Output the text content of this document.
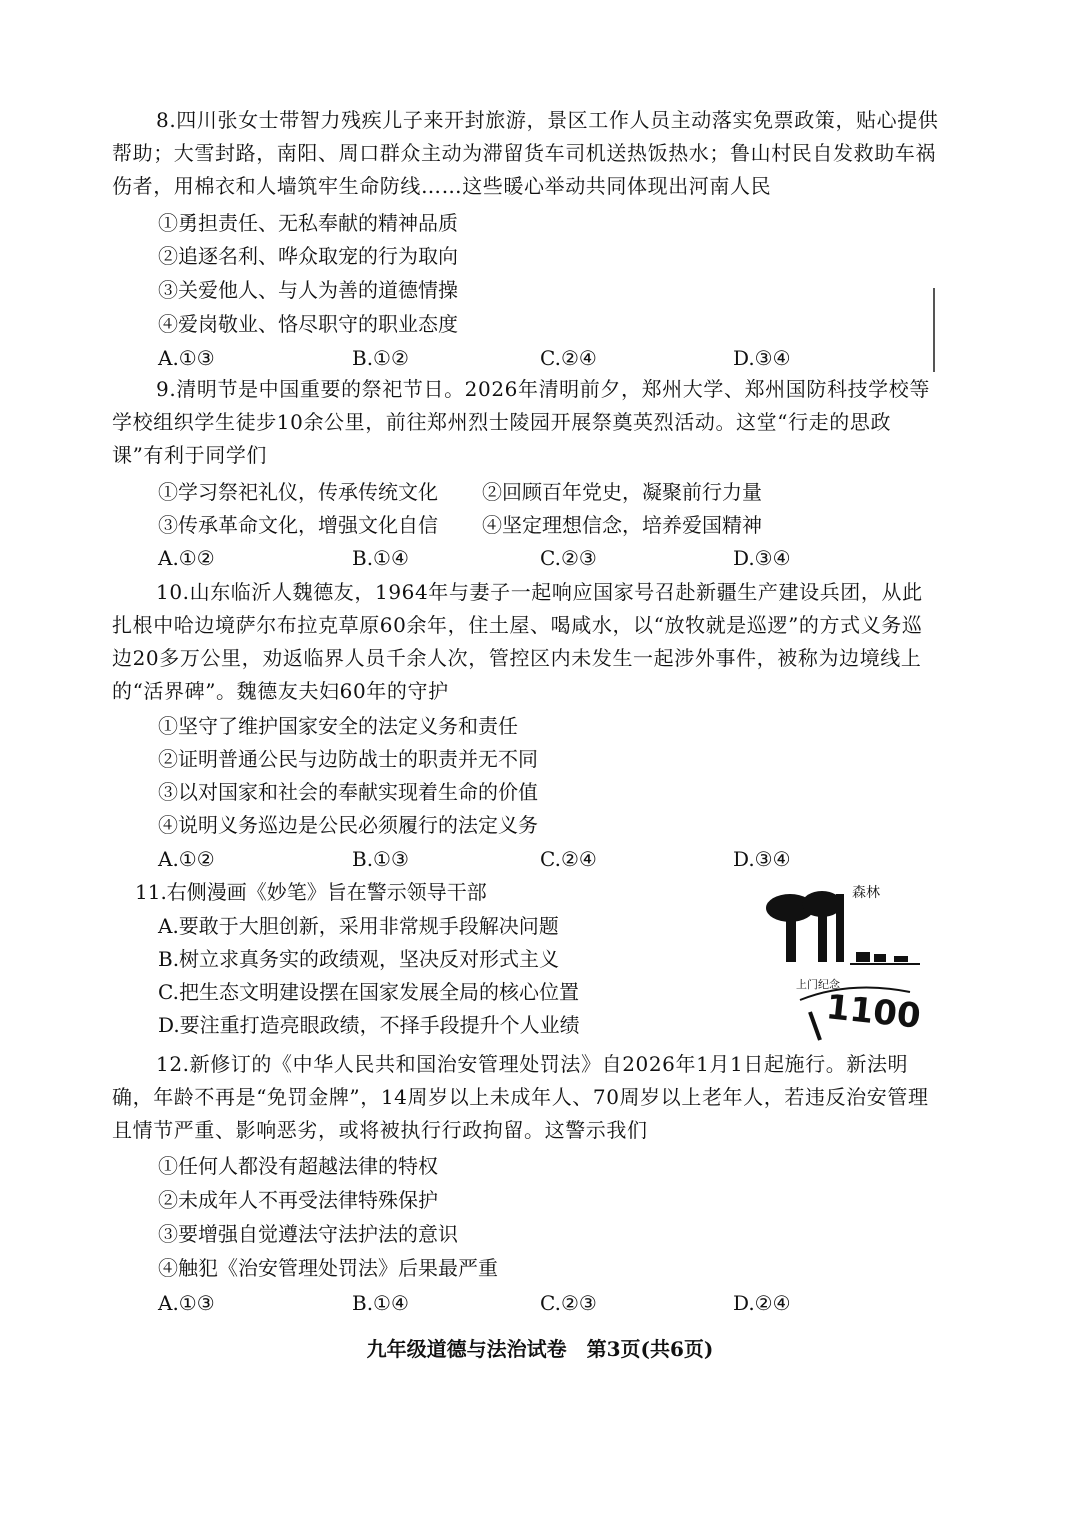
8.四川张女士带智力残疾儿子来开封旅游，景区工作人员主动落实免票政策，贴心提供帮助；大雪封路，南阳、周口群众主动为滞留货车司机送热饭热水；鲁山村民自发救助车祸伤者，用棉衣和人墙筑牢生命防线……这些暖心举动共同体现出河南人民

①勇担责任、无私奉献的精神品质
②追逐名利、哗众取宠的行为取向
③关爱他人、与人为善的道德情操
④爱岗敬业、恪尽职守的职业态度
A.①③	B.①②	C.②④	D.③④

9.清明节是中国重要的祭祀节日。2026年清明前夕，郑州大学、郑州国防科技学校等学校组织学生徒步10余公里，前往郑州烈士陵园开展祭奠英烈活动。这堂“行走的思政课”有利于同学们

①学习祭祀礼仪，传承传统文化 ②回顾百年党史，凝聚前行力量
③传承革命文化，增强文化自信 ④坚定理想信念，培养爱国精神
A.①②	B.①④	C.②③	D.③④

10.山东临沂人魏德友，1964年与妻子一起响应国家号召赴新疆生产建设兵团，从此扎根中哈边境萨尔布拉克草原60余年，住土屋、喝咸水，以“放牧就是巡逻”的方式义务巡边20多万公里，劝返临界人员千余人次，管控区内未发生一起涉外事件，被称为边境线上的“活界碑”。魏德友夫妇60年的守护

①坚守了维护国家安全的法定义务和责任
②证明普通公民与边防战士的职责并无不同
③以对国家和社会的奉献实现着生命的价值
④说明义务巡边是公民必须履行的法定义务
A.①②	B.①③	C.②④	D.③④
11.右侧漫画《妙笔》旨在警示领导干部
A.要敢于大胆创新，采用非常规手段解决问题
B.树立求真务实的政绩观，坚决反对形式主义
C.把生态文明建设摆在国家发展全局的核心位置
D.要注重打造亮眼政绩，不择手段提升个人业绩
森林
上门纪念
1100

12.新修订的《中华人民共和国治安管理处罚法》自2026年1月1日起施行。新法明确，年龄不再是“免罚金牌”，14周岁以上未成年人、70周岁以上老年人，若违反治安管理且情节严重、影响恶劣，或将被执行行政拘留。这警示我们

①任何人都没有超越法律的特权
②未成年人不再受法律特殊保护
③要增强自觉遵法守法护法的意识
④触犯《治安管理处罚法》后果最严重
A.①③	B.①④	C.②③	D.②④
九年级道德与法治试卷　第3页(共6页)
